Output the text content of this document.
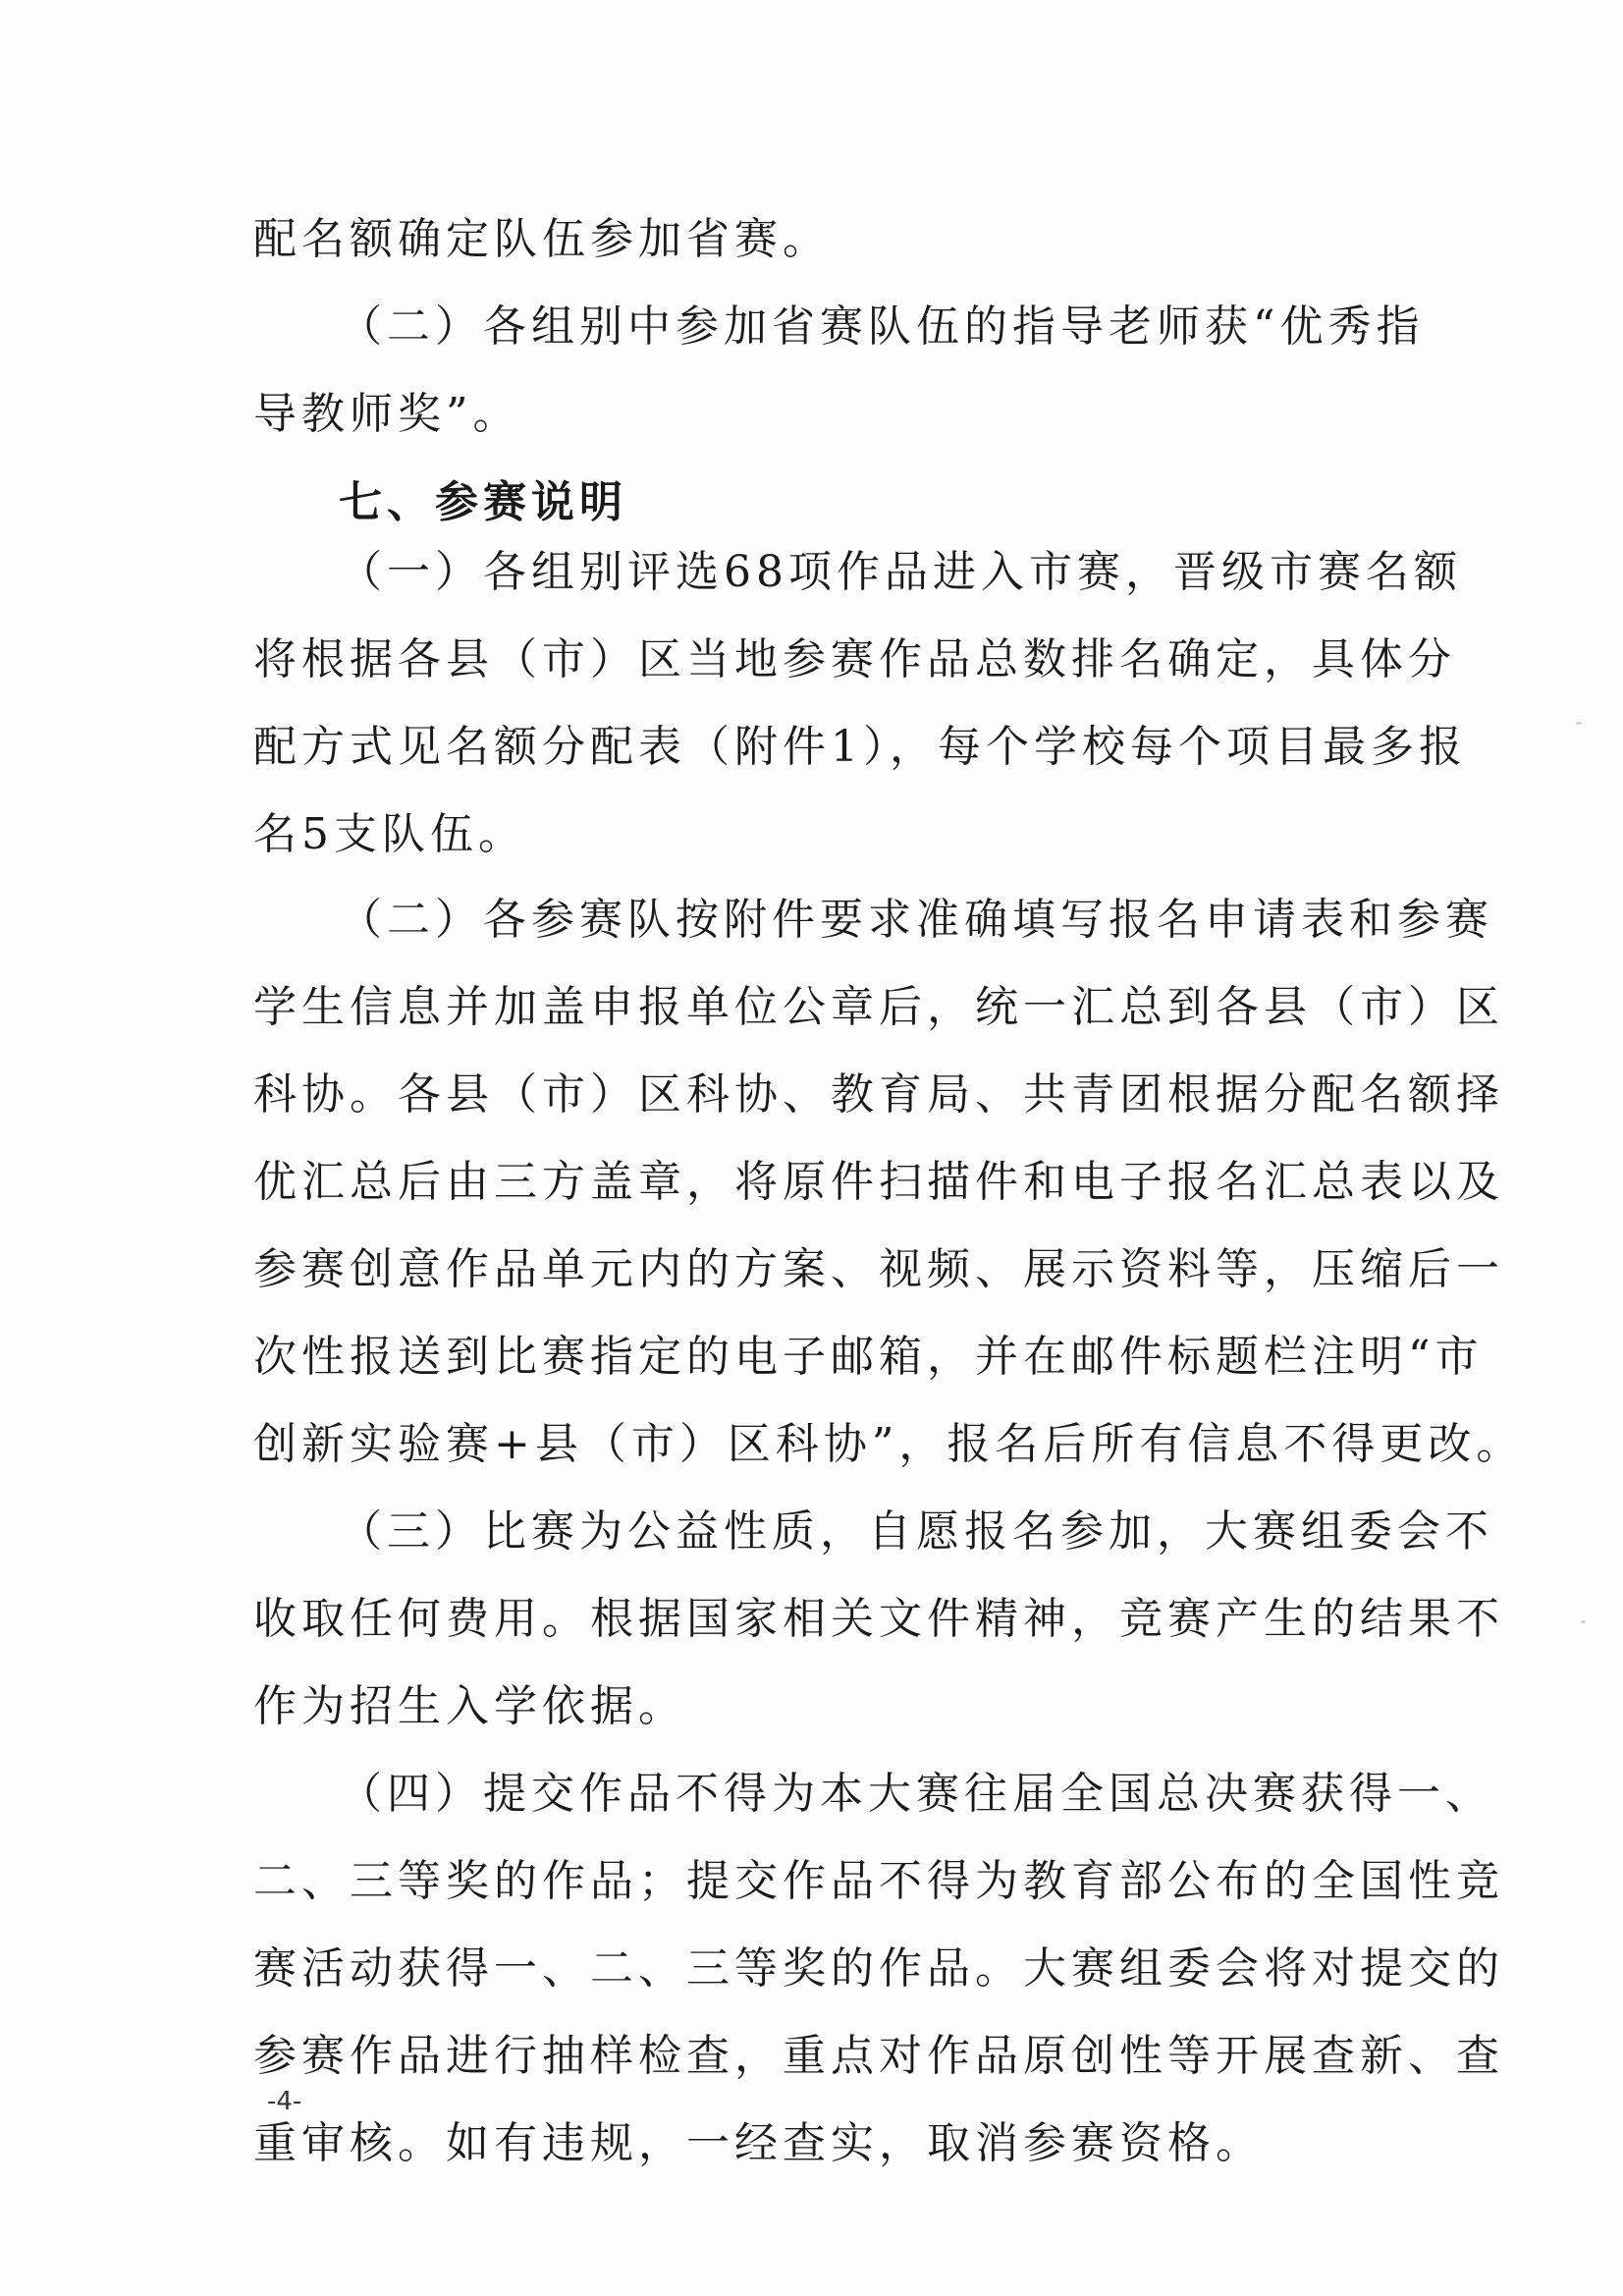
配名额确定队伍参加省赛。
（二）各组别中参加省赛队伍的指导老师获“优秀指
导教师奖”。
七、参赛说明
（一）各组别评选68项作品进入市赛，晋级市赛名额
将根据各县（市）区当地参赛作品总数排名确定，具体分
配方式见名额分配表（附件1），每个学校每个项目最多报
名5支队伍。
（二）各参赛队按附件要求准确填写报名申请表和参赛
学生信息并加盖申报单位公章后，统一汇总到各县（市）区
科协。各县（市）区科协、教育局、共青团根据分配名额择
优汇总后由三方盖章，将原件扫描件和电子报名汇总表以及
参赛创意作品单元内的方案、视频、展示资料等，压缩后一
次性报送到比赛指定的电子邮箱，并在邮件标题栏注明“市
创新实验赛+县（市）区科协”，报名后所有信息不得更改。
（三）比赛为公益性质，自愿报名参加，大赛组委会不
收取任何费用。根据国家相关文件精神，竞赛产生的结果不
作为招生入学依据。
（四）提交作品不得为本大赛往届全国总决赛获得一、
二、三等奖的作品；提交作品不得为教育部公布的全国性竞
赛活动获得一、二、三等奖的作品。大赛组委会将对提交的
参赛作品进行抽样检查，重点对作品原创性等开展查新、查
重审核。如有违规，一经查实，取消参赛资格。
-4-
